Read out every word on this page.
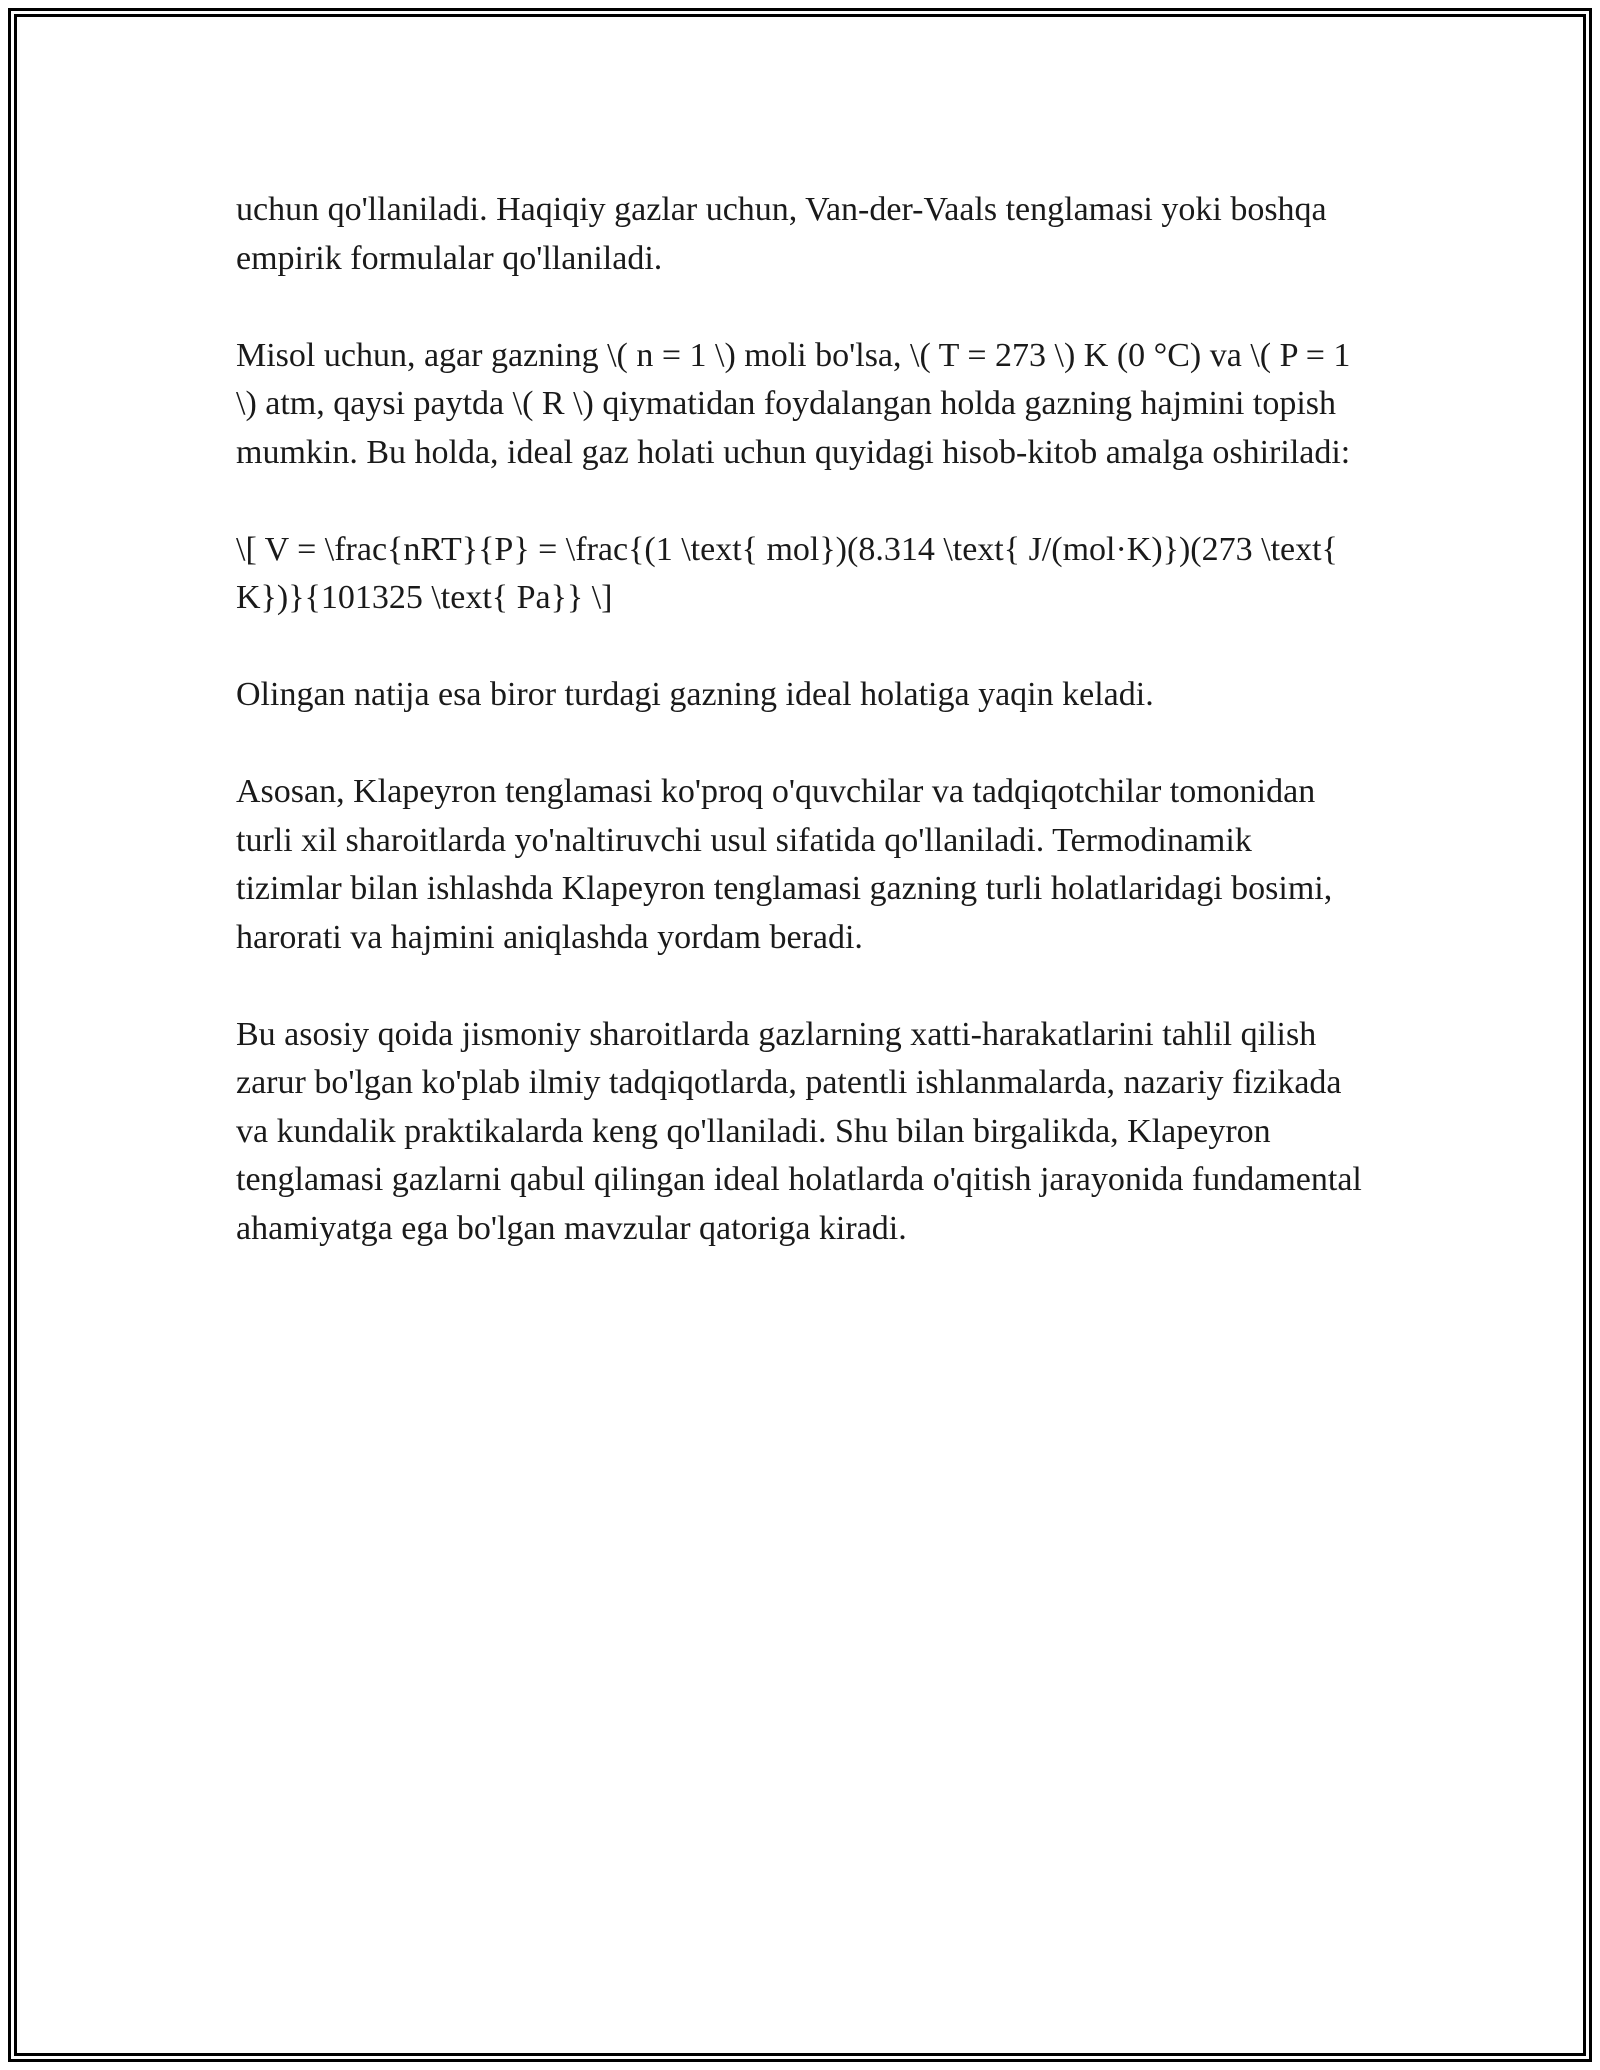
uchun qo'llaniladi. Haqiqiy gazlar uchun, Van-der-Vaals tenglamasi yoki boshqa empirik formulalar qo'llaniladi.

Misol uchun, agar gazning \( n = 1 \) moli bo'lsa, \( T = 273 \) K (0 °C) va \( P = 1 \) atm, qaysi paytda \( R \) qiymatidan foydalangan holda gazning hajmini topish mumkin. Bu holda, ideal gaz holati uchun quyidagi hisob-kitob amalga oshiriladi:

\[ V = \frac{nRT}{P} = \frac{(1 \text{ mol})(8.314 \text{ J/(mol·K)})(273 \text{ K})}{101325 \text{ Pa}} \]

Olingan natija esa biror turdagi gazning ideal holatiga yaqin keladi.

Asosan, Klapeyron tenglamasi ko'proq o'quvchilar va tadqiqotchilar tomonidan turli xil sharoitlarda yo'naltiruvchi usul sifatida qo'llaniladi. Termodinamik tizimlar bilan ishlashda Klapeyron tenglamasi gazning turli holatlaridagi bosimi, harorati va hajmini aniqlashda yordam beradi.

Bu asosiy qoida jismoniy sharoitlarda gazlarning xatti-harakatlarini tahlil qilish zarur bo'lgan ko'plab ilmiy tadqiqotlarda, patentli ishlanmalarda, nazariy fizikada va kundalik praktikalarda keng qo'llaniladi. Shu bilan birgalikda, Klapeyron tenglamasi gazlarni qabul qilingan ideal holatlarda o'qitish jarayonida fundamental ahamiyatga ega bo'lgan mavzular qatoriga kiradi.
